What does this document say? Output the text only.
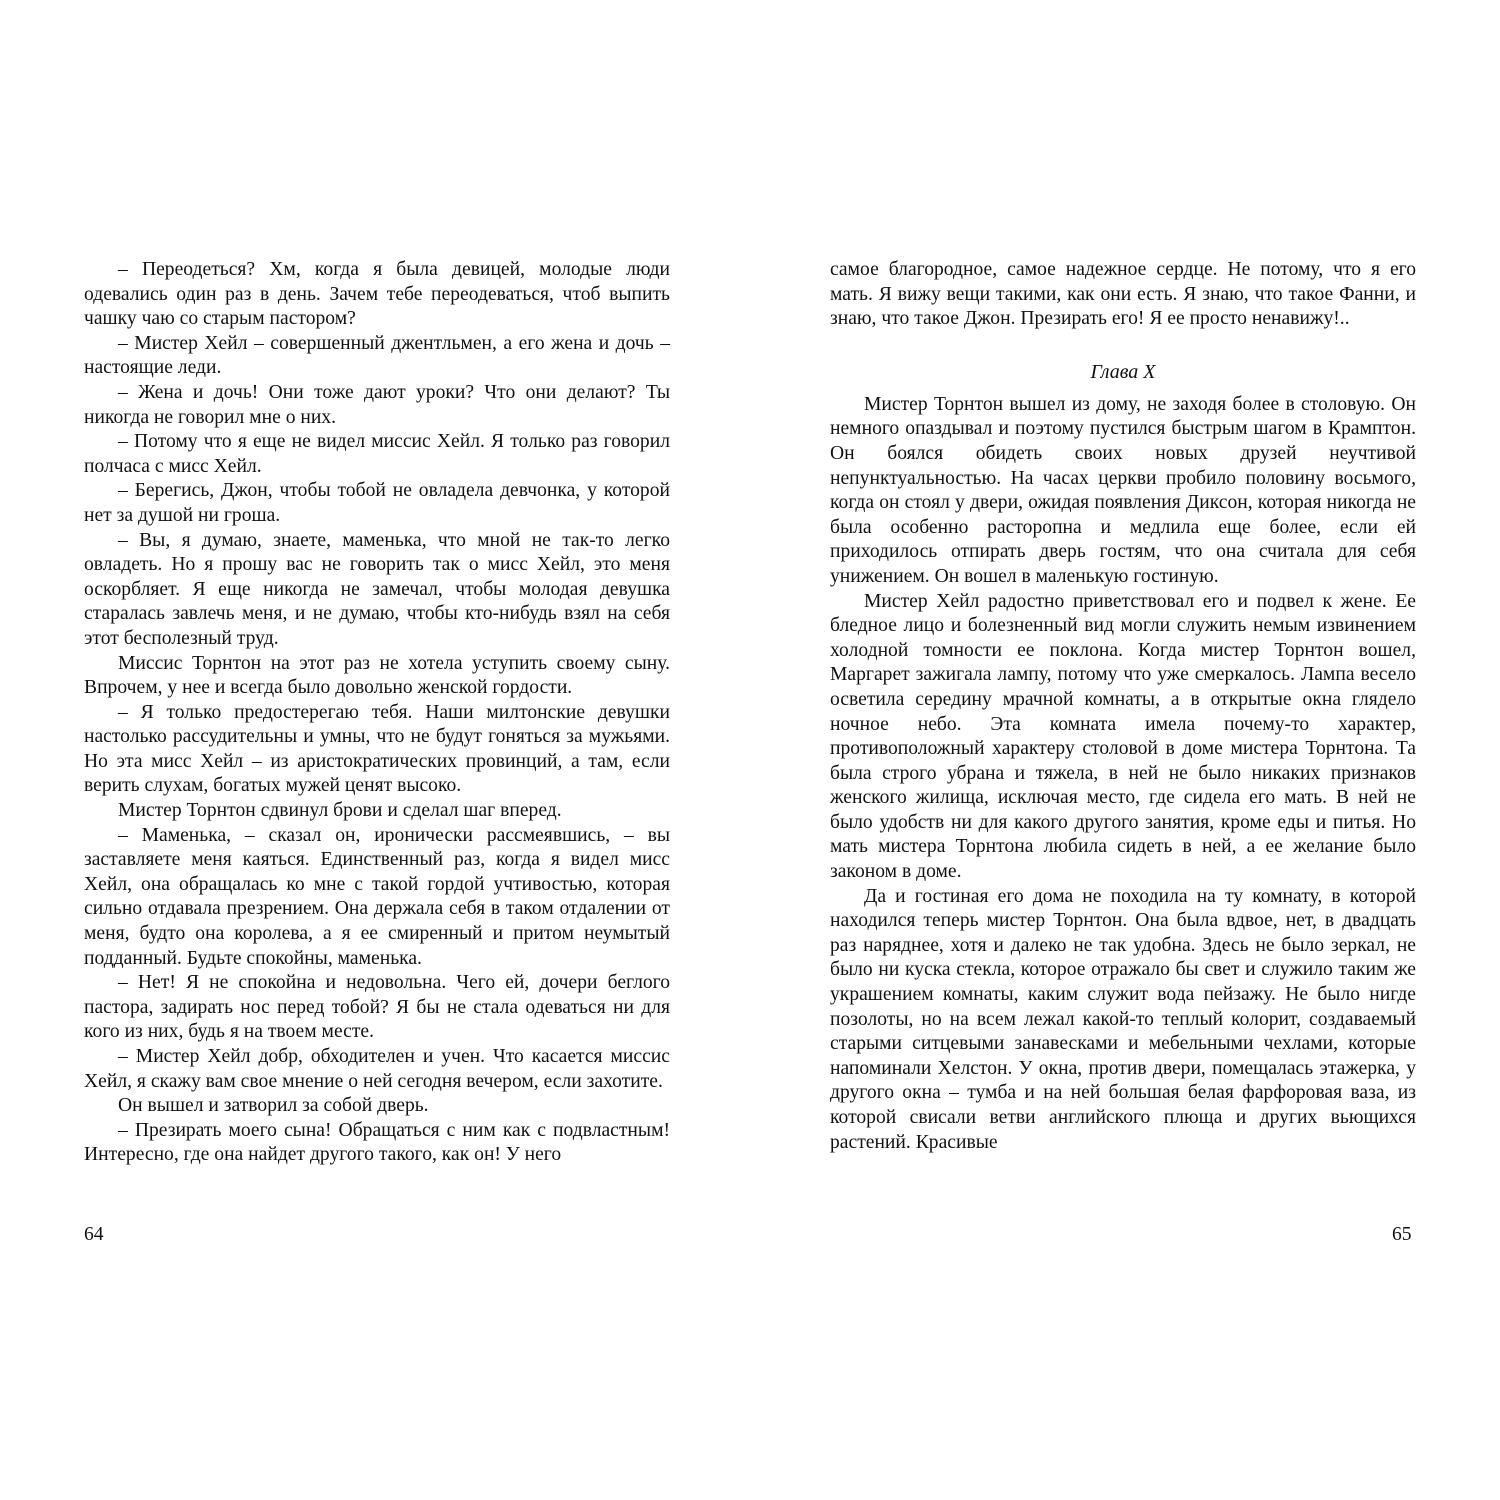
– Переодеться? Хм, когда я была девицей, молодые люди одевались один раз в день. Зачем тебе переодеваться, чтоб выпить чашку чаю со старым пастором?

– Мистер Хейл – совершенный джентльмен, а его жена и дочь – настоящие леди.

– Жена и дочь! Они тоже дают уроки? Что они делают? Ты никогда не говорил мне о них.

– Потому что я еще не видел миссис Хейл. Я только раз говорил полчаса с мисс Хейл.

– Берегись, Джон, чтобы тобой не овладела девчонка, у которой нет за душой ни гроша.

– Вы, я думаю, знаете, маменька, что мной не так-то легко овладеть. Но я прошу вас не говорить так о мисс Хейл, это меня оскорбляет. Я еще никогда не замечал, чтобы молодая девушка старалась завлечь меня, и не думаю, чтобы кто-нибудь взял на себя этот бесполезный труд.

Миссис Торнтон на этот раз не хотела уступить своему сыну. Впрочем, у нее и всегда было довольно женской гордости.

– Я только предостерегаю тебя. Наши милтонские девушки настолько рассудительны и умны, что не будут гоняться за мужьями. Но эта мисс Хейл – из аристократических провинций, а там, если верить слухам, богатых мужей ценят высоко.

Мистер Торнтон сдвинул брови и сделал шаг вперед.

– Маменька, – сказал он, иронически рассмеявшись, – вы заставляете меня каяться. Единственный раз, когда я видел мисс Хейл, она обращалась ко мне с такой гордой учтивостью, которая сильно отдавала презрением. Она держала себя в таком отдалении от меня, будто она королева, а я ее смиренный и притом неумытый подданный. Будьте спокойны, маменька.

– Нет! Я не спокойна и недовольна. Чего ей, дочери беглого пастора, задирать нос перед тобой? Я бы не стала одеваться ни для кого из них, будь я на твоем месте.

– Мистер Хейл добр, обходителен и учен. Что касается миссис Хейл, я скажу вам свое мнение о ней сегодня вечером, если захотите.

Он вышел и затворил за собой дверь.

– Презирать моего сына! Обращаться с ним как с подвластным! Интересно, где она найдет другого такого, как он! У него

64

самое благородное, самое надежное сердце. Не потому, что я его мать. Я вижу вещи такими, как они есть. Я знаю, что такое Фанни, и знаю, что такое Джон. Презирать его! Я ее просто ненавижу!..

Глава X

Мистер Торнтон вышел из дому, не заходя более в столовую. Он немного опаздывал и поэтому пустился быстрым шагом в Крамптон. Он боялся обидеть своих новых друзей неучтивой непунктуальностью. На часах церкви пробило половину восьмого, когда он стоял у двери, ожидая появления Диксон, которая никогда не была особенно расторопна и медлила еще более, если ей приходилось отпирать дверь гостям, что она считала для себя унижением. Он вошел в маленькую гостиную.

Мистер Хейл радостно приветствовал его и подвел к жене. Ее бледное лицо и болезненный вид могли служить немым извинением холодной томности ее поклона. Когда мистер Торнтон вошел, Маргарет зажигала лампу, потому что уже смеркалось. Лампа весело осветила середину мрачной комнаты, а в открытые окна глядело ночное небо. Эта комната имела почему-то характер, противоположный характеру столовой в доме мистера Торнтона. Та была строго убрана и тяжела, в ней не было никаких признаков женского жилища, исключая место, где сидела его мать. В ней не было удобств ни для какого другого занятия, кроме еды и питья. Но мать мистера Торнтона любила сидеть в ней, а ее желание было законом в доме.

Да и гостиная его дома не походила на ту комнату, в которой находился теперь мистер Торнтон. Она была вдвое, нет, в двадцать раз наряднее, хотя и далеко не так удобна. Здесь не было зеркал, не было ни куска стекла, которое отражало бы свет и служило таким же украшением комнаты, каким служит вода пейзажу. Не было нигде позолоты, но на всем лежал какой-то теплый колорит, создаваемый старыми ситцевыми занавесками и мебельными чехлами, которые напоминали Хелстон. У окна, против двери, помещалась этажерка, у другого окна – тумба и на ней большая белая фарфоровая ваза, из которой свисали ветви английского плюща и других вьющихся растений. Красивые

65
